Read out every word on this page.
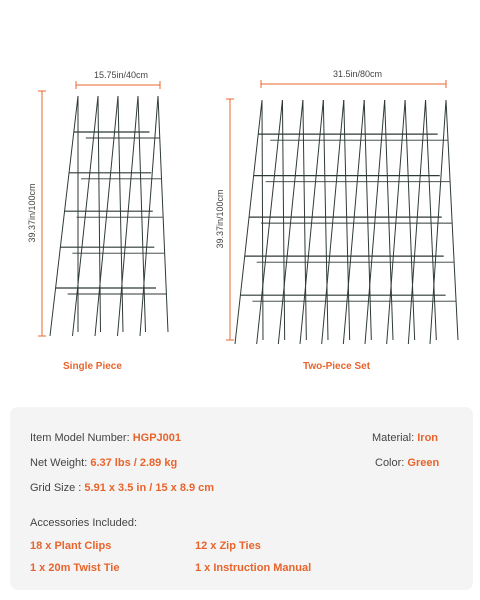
15.75in/40cm
39.37in/100cm
Single Piece
31.5in/80cm
39.37in/100cm
Two-Piece Set
Item Model Number: HGPJ001	Material: Iron
Net Weight: 6.37 lbs / 2.89 kg	Color: Green
Grid Size : 5.91 x 3.5 in / 15 x 8.9 cm
Accessories Included:
18 x Plant Clips	12 x Zip Ties
1 x 20m Twist Tie	1 x Instruction Manual
